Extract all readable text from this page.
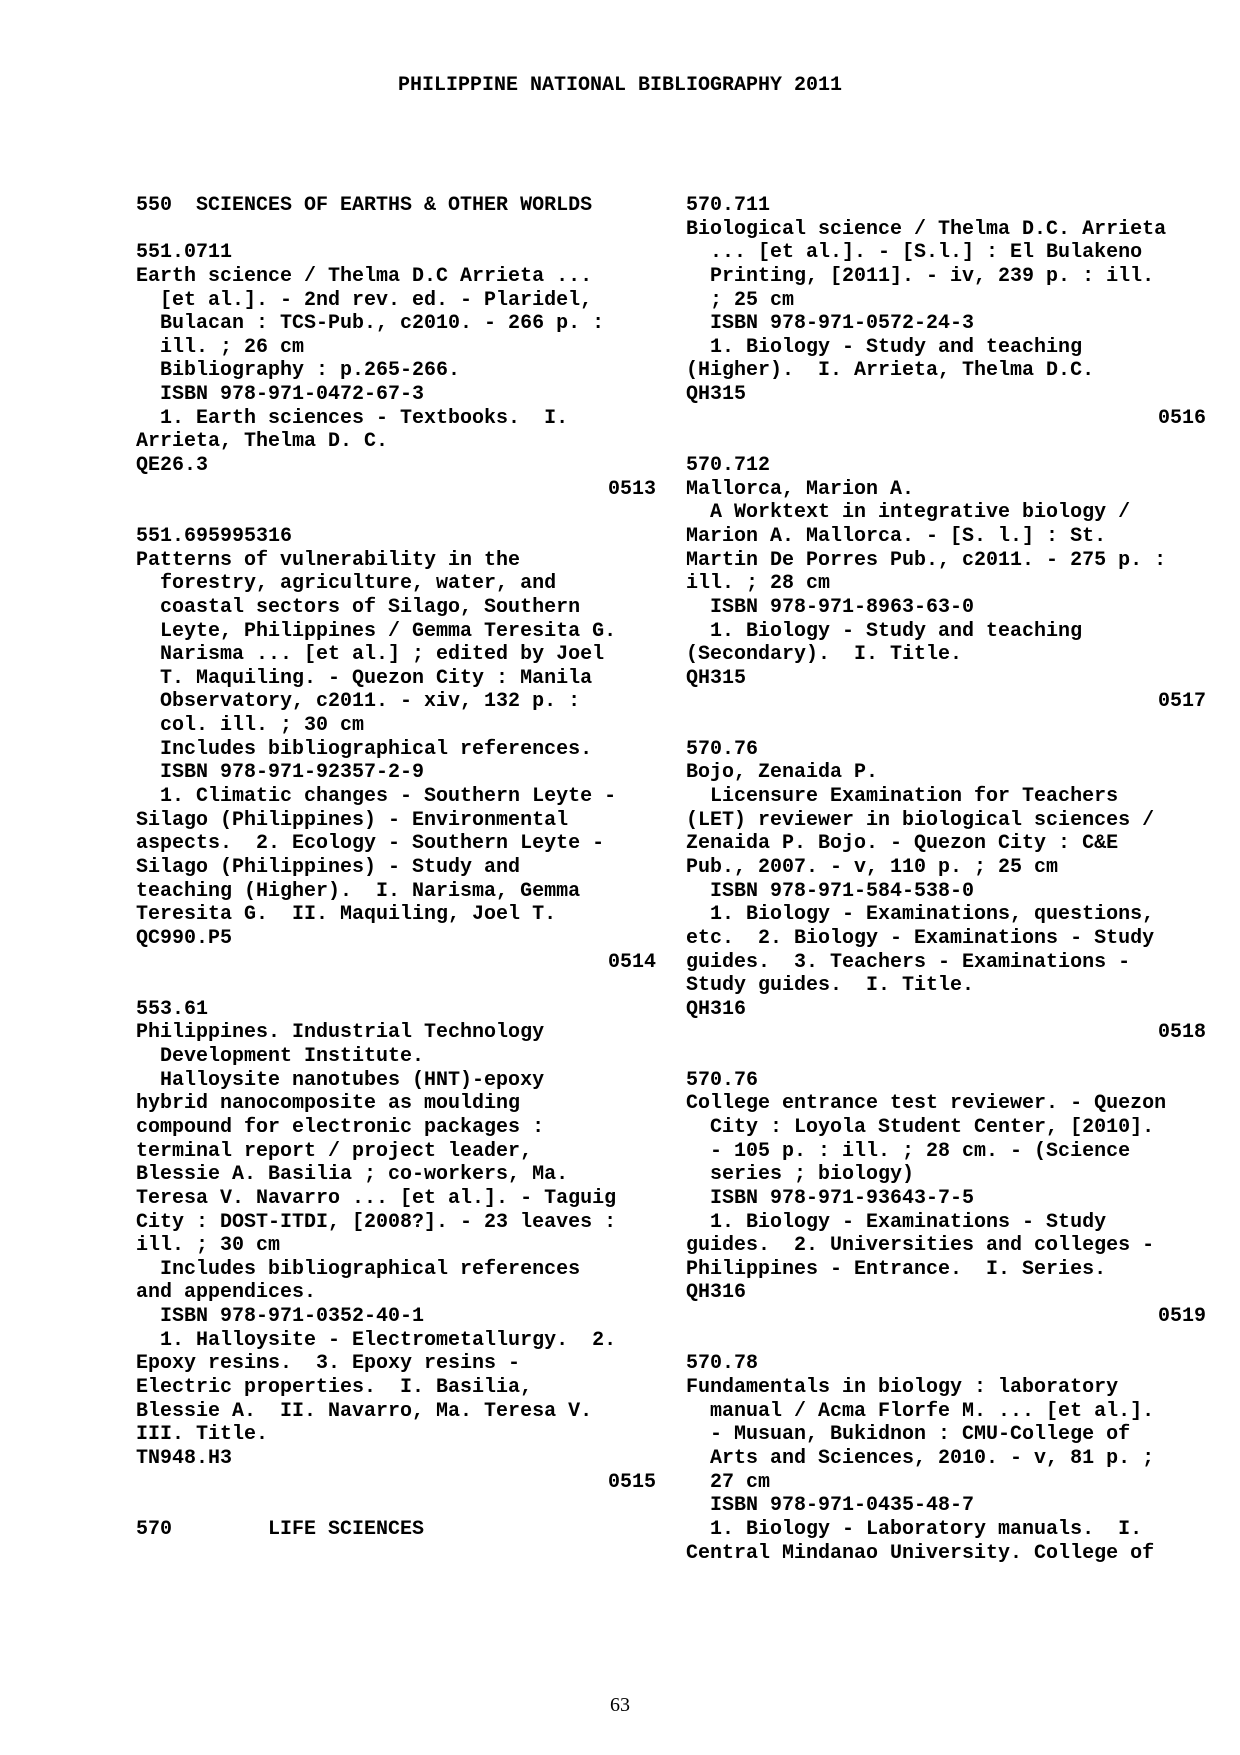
PHILIPPINE NATIONAL BIBLIOGRAPHY 2011
550  SCIENCES OF EARTHS & OTHER WORLDS
551.0711
Earth science / Thelma D.C Arrieta ...
[et al.]. - 2nd rev. ed. - Plaridel,
Bulacan : TCS-Pub., c2010. - 266 p. :
ill. ; 26 cm
Bibliography : p.265-266.
ISBN 978-971-0472-67-3
1. Earth sciences - Textbooks.  I.
Arrieta, Thelma D. C.
QE26.3
0513
551.695995316
Patterns of vulnerability in the
forestry, agriculture, water, and
coastal sectors of Silago, Southern
Leyte, Philippines / Gemma Teresita G.
Narisma ... [et al.] ; edited by Joel
T. Maquiling. - Quezon City : Manila
Observatory, c2011. - xiv, 132 p. :
col. ill. ; 30 cm
Includes bibliographical references.
ISBN 978-971-92357-2-9
1. Climatic changes - Southern Leyte -
Silago (Philippines) - Environmental
aspects.  2. Ecology - Southern Leyte -
Silago (Philippines) - Study and
teaching (Higher).  I. Narisma, Gemma
Teresita G.  II. Maquiling, Joel T.
QC990.P5
0514
553.61
Philippines. Industrial Technology
Development Institute.
Halloysite nanotubes (HNT)-epoxy
hybrid nanocomposite as moulding
compound for electronic packages :
terminal report / project leader,
Blessie A. Basilia ; co-workers, Ma.
Teresa V. Navarro ... [et al.]. - Taguig
City : DOST-ITDI, [2008?]. - 23 leaves :
ill. ; 30 cm
Includes bibliographical references
and appendices.
ISBN 978-971-0352-40-1
1. Halloysite - Electrometallurgy.  2.
Epoxy resins.  3. Epoxy resins -
Electric properties.  I. Basilia,
Blessie A.  II. Navarro, Ma. Teresa V.
III. Title.
TN948.H3
0515
570        LIFE SCIENCES
570.711
Biological science / Thelma D.C. Arrieta
... [et al.]. - [S.l.] : El Bulakeno
Printing, [2011]. - iv, 239 p. : ill.
; 25 cm
ISBN 978-971-0572-24-3
1. Biology - Study and teaching
(Higher).  I. Arrieta, Thelma D.C.
QH315
0516
570.712
Mallorca, Marion A.
A Worktext in integrative biology /
Marion A. Mallorca. - [S. l.] : St.
Martin De Porres Pub., c2011. - 275 p. :
ill. ; 28 cm
ISBN 978-971-8963-63-0
1. Biology - Study and teaching
(Secondary).  I. Title.
QH315
0517
570.76
Bojo, Zenaida P.
Licensure Examination for Teachers
(LET) reviewer in biological sciences /
Zenaida P. Bojo. - Quezon City : C&E
Pub., 2007. - v, 110 p. ; 25 cm
ISBN 978-971-584-538-0
1. Biology - Examinations, questions,
etc.  2. Biology - Examinations - Study
guides.  3. Teachers - Examinations -
Study guides.  I. Title.
QH316
0518
570.76
College entrance test reviewer. - Quezon
City : Loyola Student Center, [2010].
- 105 p. : ill. ; 28 cm. - (Science
series ; biology)
ISBN 978-971-93643-7-5
1. Biology - Examinations - Study
guides.  2. Universities and colleges -
Philippines - Entrance.  I. Series.
QH316
0519
570.78
Fundamentals in biology : laboratory
manual / Acma Florfe M. ... [et al.].
- Musuan, Bukidnon : CMU-College of
Arts and Sciences, 2010. - v, 81 p. ;
27 cm
ISBN 978-971-0435-48-7
1. Biology - Laboratory manuals.  I.
Central Mindanao University. College of
63
